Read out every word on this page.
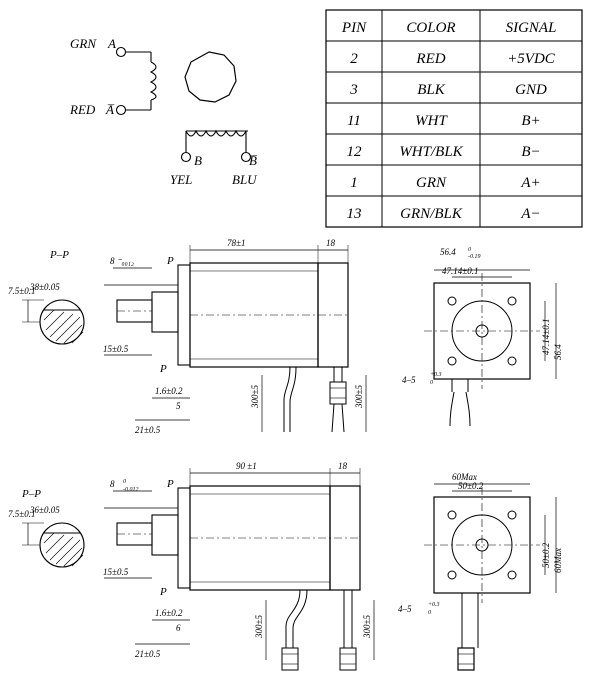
GRN A
RED A̅
B	B̅
YEL	BLU
PIN	COLOR	SIGNAL
2	RED	+5VDC
3	BLK	GND
11	WHT	B+
12	WHT/BLK	B−
1	GRN	A+
13	GRN/BLK	A−
P–P
7.5±0.1
8 ⁻₀₀₁₂	P
P
78±1	18
38±0.05
15±0.5
1.6±0.2
5
21±0.5
300±5	300±5
56.4 0
-0.19
47.14±0.1
47.14±0.1 56.4
4–5 +0.3
0
P–P
7.5±0.1
8 0
-0.012	P
P
90 ±1	18
36±0.05
15±0.5
1.6±0.2
6
21±0.5
300±5	300±5
60Max
50±0.2
50±0.2 60Max
4–5	+0.3
0
